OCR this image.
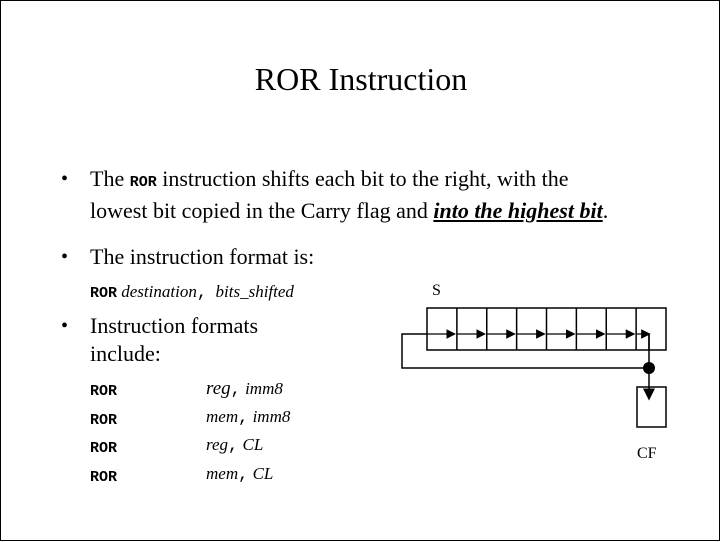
ROR Instruction
• The ROR instruction shifts each bit to the right, with the
lowest bit copied in the Carry flag and into the highest bit.
• The instruction format is:
ROR destination, bits_shifted
• Instruction formats
include:
ROR	reg, imm8
ROR	mem, imm8
ROR	reg, CL
ROR	mem, CL
S
CF
